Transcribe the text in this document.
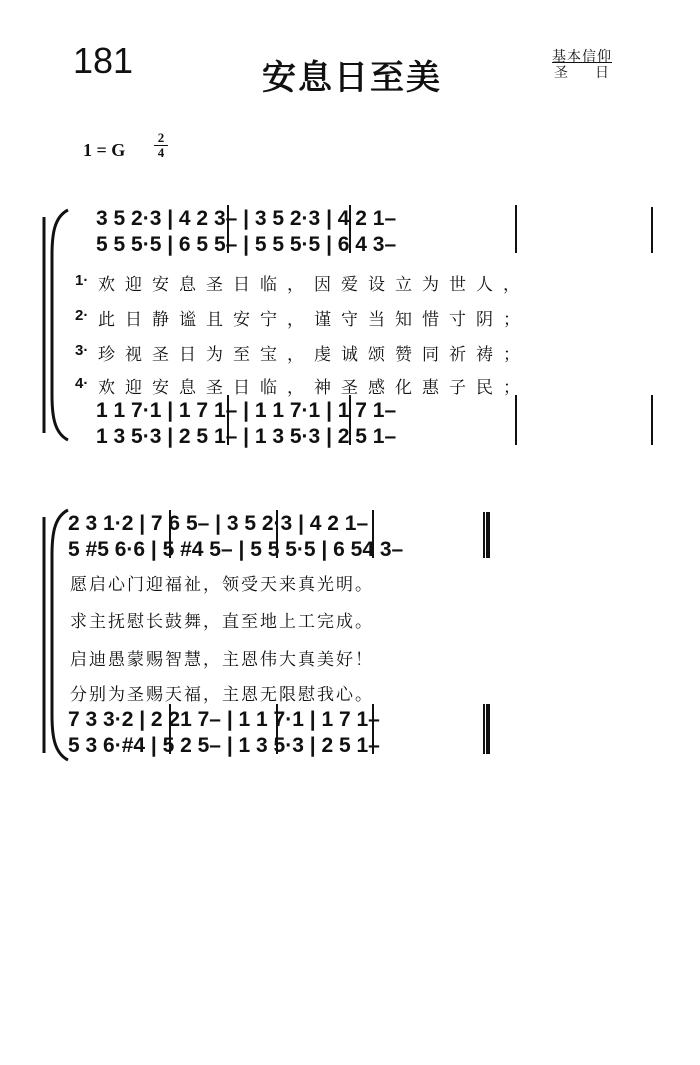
181	安息日至美
基本信仰
圣日
1 = G
2
4
3 5 2·3 | 4 2 3– | 3 5 2·3 | 4 2 1–
5 5 5·5 | 6 5 5– | 5 5 5·5 | 6 4 3–
1 1 7·1 | 1 7 1– | 1 1 7·1 | 1 7 1–
1 3 5·3 | 2 5 1– | 1 3 5·3 | 2 5 1–
1· 欢迎安息圣日临，因爱设立为世人，
2· 此日静谧且安宁，谨守当知惜寸阴；
3· 珍视圣日为至宝，虔诚颂赞同祈祷；
4· 欢迎安息圣日临，神圣感化惠子民；
2 3 1·2 | 7 6 5– | 3 5 2·3 | 4 2 1–
5 #5 6·6 | 5 #4 5– | 5 5 5·5 | 6 54 3–
7 3 3·2 | 2 21 7– | 1 1 7·1 | 1 7 1–
5 3 6·#4 | 5 2 5– | 1 3 5·3 | 2 5 1–
愿启心门迎福祉，领受天来真光明。
求主抚慰长鼓舞，直至地上工完成。
启迪愚蒙赐智慧，主恩伟大真美好！
分别为圣赐天福，主恩无限慰我心。
